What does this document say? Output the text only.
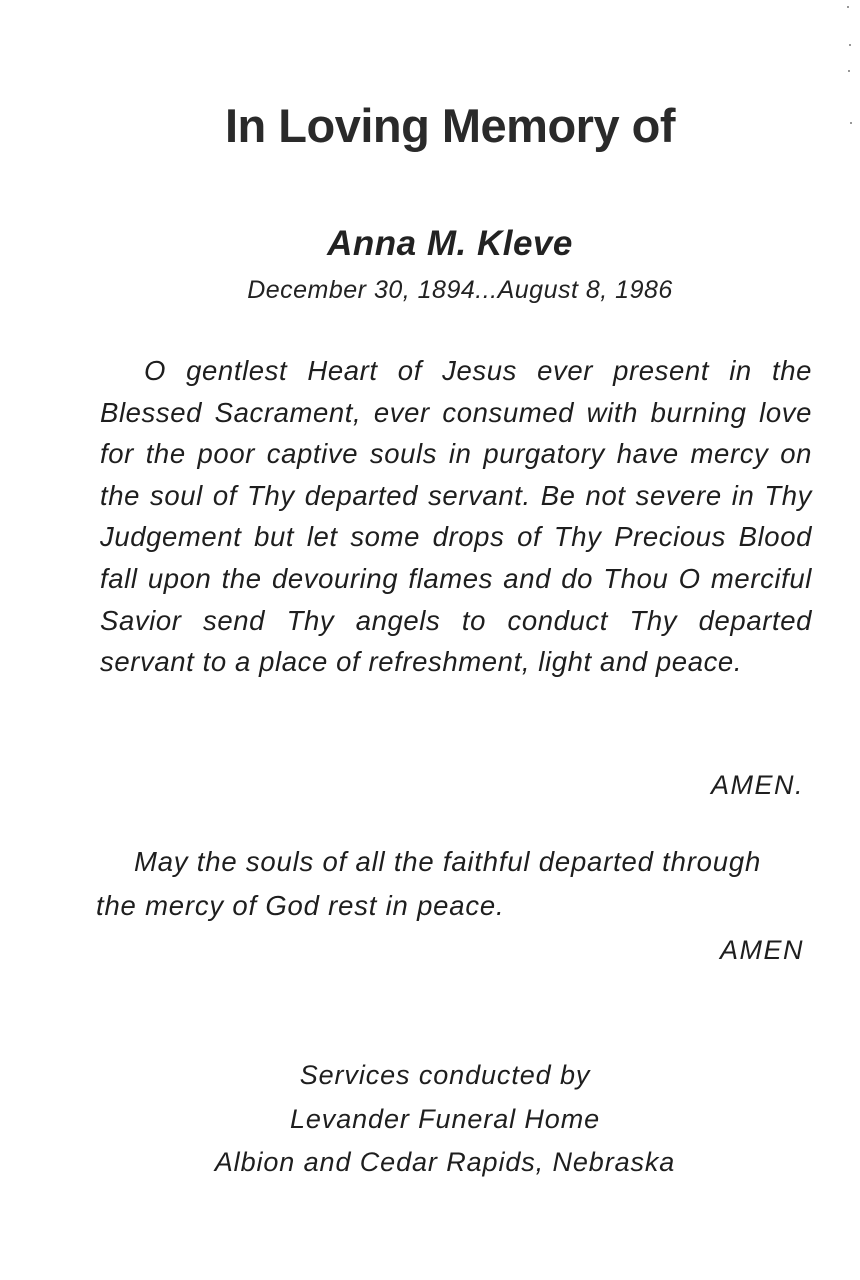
In Loving Memory of
Anna M. Kleve

December 30, 1894...August 8, 1986

O gentlest Heart of Jesus ever present in the Blessed Sacrament, ever consumed with burning love for the poor captive souls in purgatory have mercy on the soul of Thy departed servant. Be not severe in Thy Judgement but let some drops of Thy Precious Blood fall upon the devouring flames and do Thou O merciful Savior send Thy angels to conduct Thy departed servant to a place of refreshment, light and peace.

AMEN.

May the souls of all the faithful departed through the mercy of God rest in peace.

AMEN

Services conducted by
Levander Funeral Home
Albion and Cedar Rapids, Nebraska
